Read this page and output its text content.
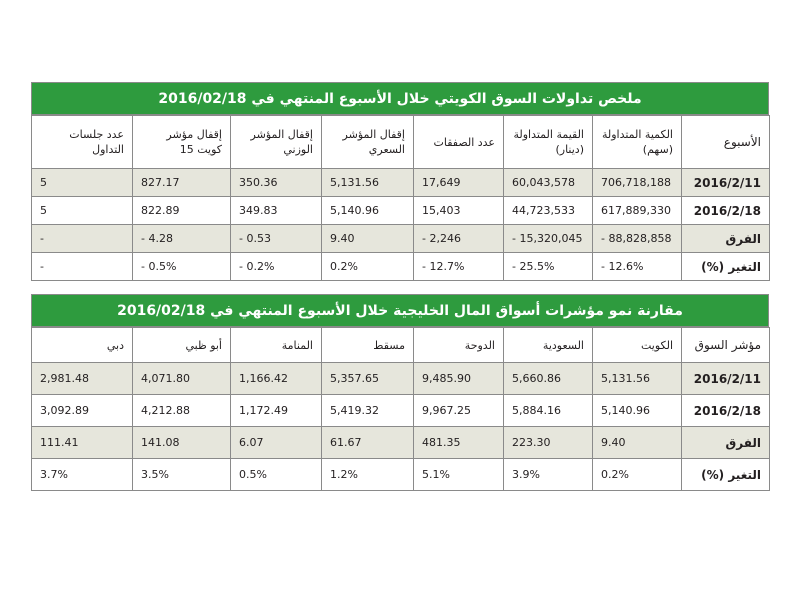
ملخص تداولات السوق الكويتي خلال الأسبوع المنتهي في 2016/02/18
الأسبوع	الكمية المتداولة (سهم)	القيمة المتداولة (دينار)	عدد الصفقات	إقفال المؤشر السعري	إقفال المؤشر الوزني	إقفال مؤشر كويت 15	عدد جلسات التداول
2016/2/11	706,718,188	60,043,578	17,649	5,131.56	350.36	827.17	5
2016/2/18	617,889,330	44,723,533	15,403	5,140.96	349.83	822.89	5
الفرق	- 88,828,858	- 15,320,045	- 2,246	9.40	- 0.53	- 4.28	-
التغير (%)	- 12.6%	- 25.5%	- 12.7%	0.2%	- 0.2%	- 0.5%	-
مقارنة نمو مؤشرات أسواق المال الخليجية خلال الأسبوع المنتهي في 2016/02/18
مؤشر السوق	الكويت	السعودية	الدوحة	مسقط	المنامة	أبو ظبي	دبي
2016/2/11	5,131.56	5,660.86	9,485.90	5,357.65	1,166.42	4,071.80	2,981.48
2016/2/18	5,140.96	5,884.16	9,967.25	5,419.32	1,172.49	4,212.88	3,092.89
الفرق	9.40	223.30	481.35	61.67	6.07	141.08	111.41
التغير (%)	0.2%	3.9%	5.1%	1.2%	0.5%	3.5%	3.7%
